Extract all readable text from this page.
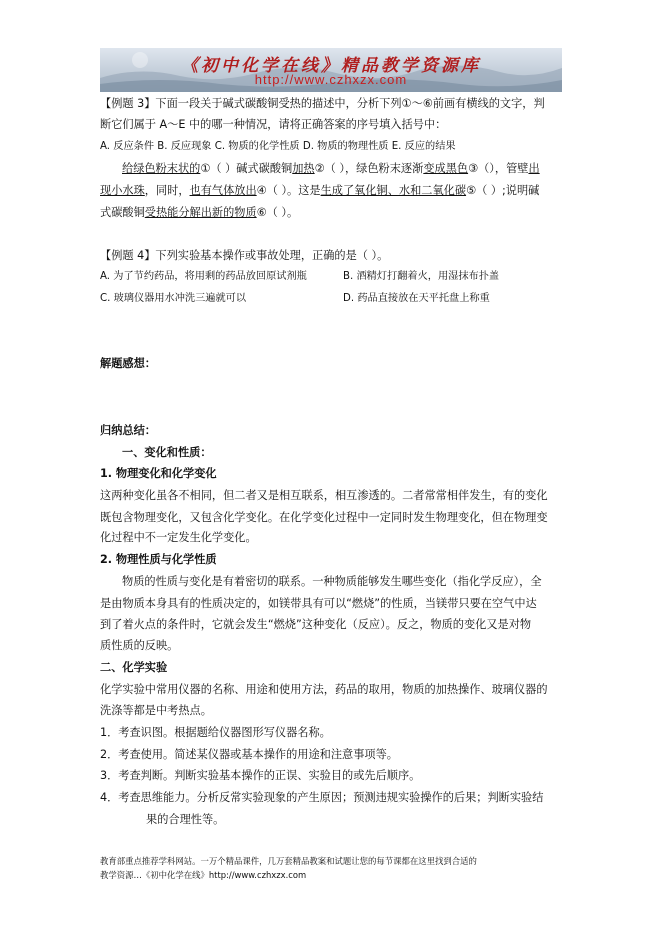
《初中化学在线》精品教学资源库
http://www.czhxzx.com
【例题 3】下面一段关于碱式碳酸铜受热的描述中，分析下列①～⑥前画有横线的文字，判
断它们属于 A～E 中的哪一种情况，请将正确答案的序号填入括号中：
A. 反应条件 B. 反应现象 C. 物质的化学性质 D. 物质的物理性质 E. 反应的结果
给绿色粉末状的①（ ）碱式碳酸铜加热②（ ），绿色粉末逐渐变成黑色③（），管壁出
现小水珠，同时，也有气体放出④（ ）。这是生成了氧化铜、水和二氧化碳⑤（ ）;说明碱
式碳酸铜受热能分解出新的物质⑥（ ）。
【例题 4】下列实验基本操作或事故处理，正确的是（ ）。
A. 为了节约药品，将用剩的药品放回原试剂瓶	B. 酒精灯打翻着火，用湿抹布扑盖
C. 玻璃仪器用水冲洗三遍就可以	D. 药品直接放在天平托盘上称重
解题感想：
归纳总结：
一、变化和性质：
1. 物理变化和化学变化
这两种变化虽各不相同，但二者又是相互联系，相互渗透的。二者常常相伴发生，有的变化
既包含物理变化，又包含化学变化。在化学变化过程中一定同时发生物理变化，但在物理变
化过程中不一定发生化学变化。
2. 物理性质与化学性质
物质的性质与变化是有着密切的联系。一种物质能够发生哪些变化（指化学反应），全
是由物质本身具有的性质决定的，如镁带具有可以“燃烧”的性质，当镁带只要在空气中达
到了着火点的条件时，它就会发生“燃烧”这种变化（反应）。反之，物质的变化又是对物
质性质的反映。
二、化学实验
化学实验中常用仪器的名称、用途和使用方法，药品的取用，物质的加热操作、玻璃仪器的
洗涤等都是中考热点。
1．考查识图。根据题给仪器图形写仪器名称。
2．考查使用。简述某仪器或基本操作的用途和注意事项等。
3．考查判断。判断实验基本操作的正误、实验目的或先后顺序。
4．考查思维能力。分析反常实验现象的产生原因；预测违规实验操作的后果；判断实验结
果的合理性等。
教育部重点推荐学科网站。一万个精品课件，几万套精品教案和试题让您的每节课都在这里找到合适的
教学资源…《初中化学在线》http://www.czhxzx.com
